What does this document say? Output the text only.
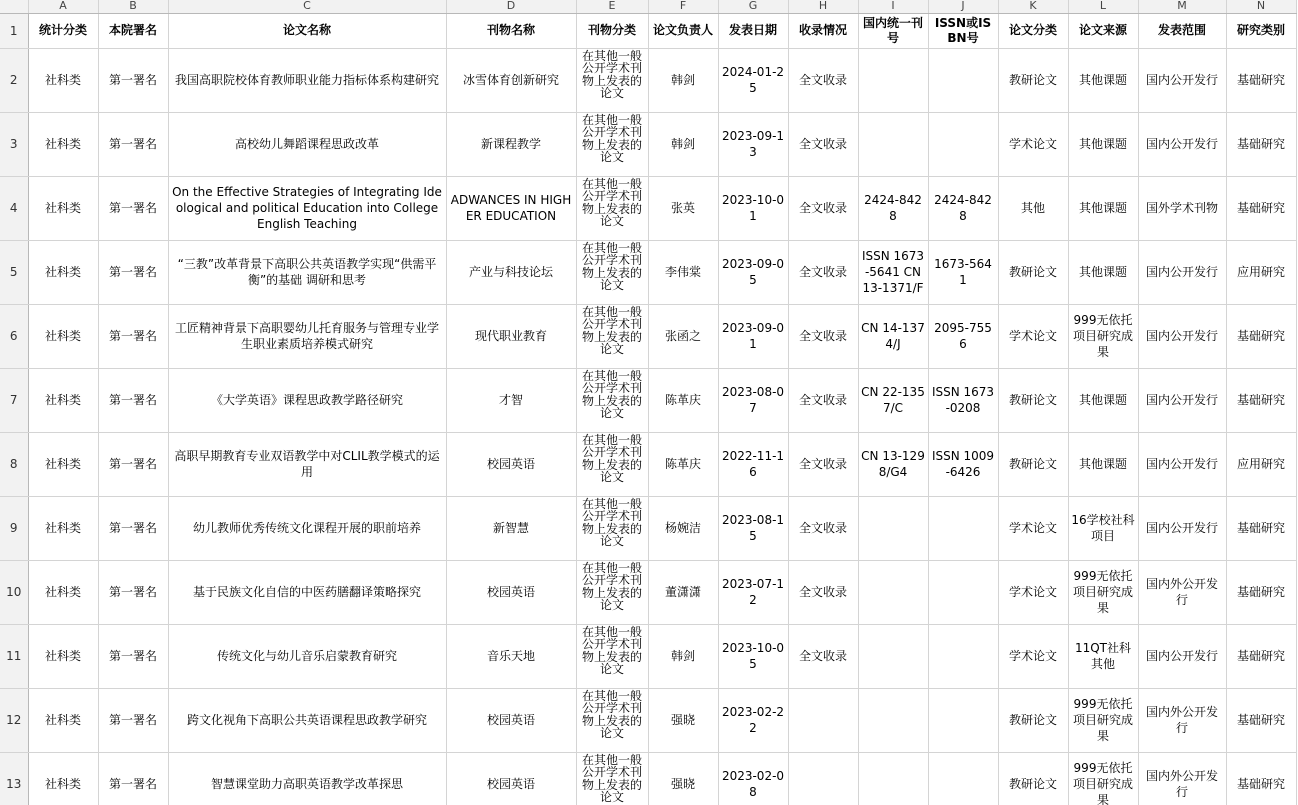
	A	B	C	D	E	F	G	H	I	J	K	L	M	N
1	统计分类	本院署名	论文名称	刊物名称	刊物分类	论文负责人	发表日期	收录情况	国内统一刊号	ISSN或ISBN号	论文分类	论文来源	发表范围	研究类别
2	社科类	第一署名	我国高职院校体育教师职业能力指标体系构建研究	冰雪体育创新研究	在其他一般公开学术刊物上发表的论文	韩剑	2024-01-25	全文收录			教研论文	其他课题	国内公开发行	基础研究
3	社科类	第一署名	高校幼儿舞蹈课程思政改革	新课程教学	在其他一般公开学术刊物上发表的论文	韩剑	2023-09-13	全文收录			学术论文	其他课题	国内公开发行	基础研究
4	社科类	第一署名	On the Effective Strategies of Integrating Ideological and political Education into College English Teaching	ADWANCES IN HIGHER EDUCATION	在其他一般公开学术刊物上发表的论文	张英	2023-10-01	全文收录	2424-8428	2424-8428	其他	其他课题	国外学术刊物	基础研究
5	社科类	第一署名	“三教”改革背景下高职公共英语教学实现“供需平衡”的基础 调研和思考	产业与科技论坛	在其他一般公开学术刊物上发表的论文	李伟棠	2023-09-05	全文收录	ISSN 1673-5641 CN 13-1371/F	1673-5641	教研论文	其他课题	国内公开发行	应用研究
6	社科类	第一署名	工匠精神背景下高职婴幼儿托育服务与管理专业学生职业素质培养模式研究	现代职业教育	在其他一般公开学术刊物上发表的论文	张函之	2023-09-01	全文收录	CN 14-1374/J	2095-7556	学术论文	999无依托项目研究成果	国内公开发行	基础研究
7	社科类	第一署名	《大学英语》课程思政教学路径研究	才智	在其他一般公开学术刊物上发表的论文	陈革庆	2023-08-07	全文收录	CN 22-1357/C	ISSN 1673-0208	教研论文	其他课题	国内公开发行	基础研究
8	社科类	第一署名	高职早期教育专业双语教学中对CLIL教学模式的运用	校园英语	在其他一般公开学术刊物上发表的论文	陈革庆	2022-11-16	全文收录	CN 13-1298/G4	ISSN 1009-6426	教研论文	其他课题	国内公开发行	应用研究
9	社科类	第一署名	幼儿教师优秀传统文化课程开展的职前培养	新智慧	在其他一般公开学术刊物上发表的论文	杨婉洁	2023-08-15	全文收录			学术论文	16学校社科项目	国内公开发行	基础研究
10	社科类	第一署名	基于民族文化自信的中医药膳翻译策略探究	校园英语	在其他一般公开学术刊物上发表的论文	董潇潇	2023-07-12	全文收录			学术论文	999无依托项目研究成果	国内外公开发行	基础研究
11	社科类	第一署名	传统文化与幼儿音乐启蒙教育研究	音乐天地	在其他一般公开学术刊物上发表的论文	韩剑	2023-10-05	全文收录			学术论文	11QT社科其他	国内公开发行	基础研究
12	社科类	第一署名	跨文化视角下高职公共英语课程思政教学研究	校园英语	在其他一般公开学术刊物上发表的论文	强晓	2023-02-22				教研论文	999无依托项目研究成果	国内外公开发行	基础研究
13	社科类	第一署名	智慧课堂助力高职英语教学改革探思	校园英语	在其他一般公开学术刊物上发表的论文	强晓	2023-02-08				教研论文	999无依托项目研究成果	国内外公开发行	基础研究
